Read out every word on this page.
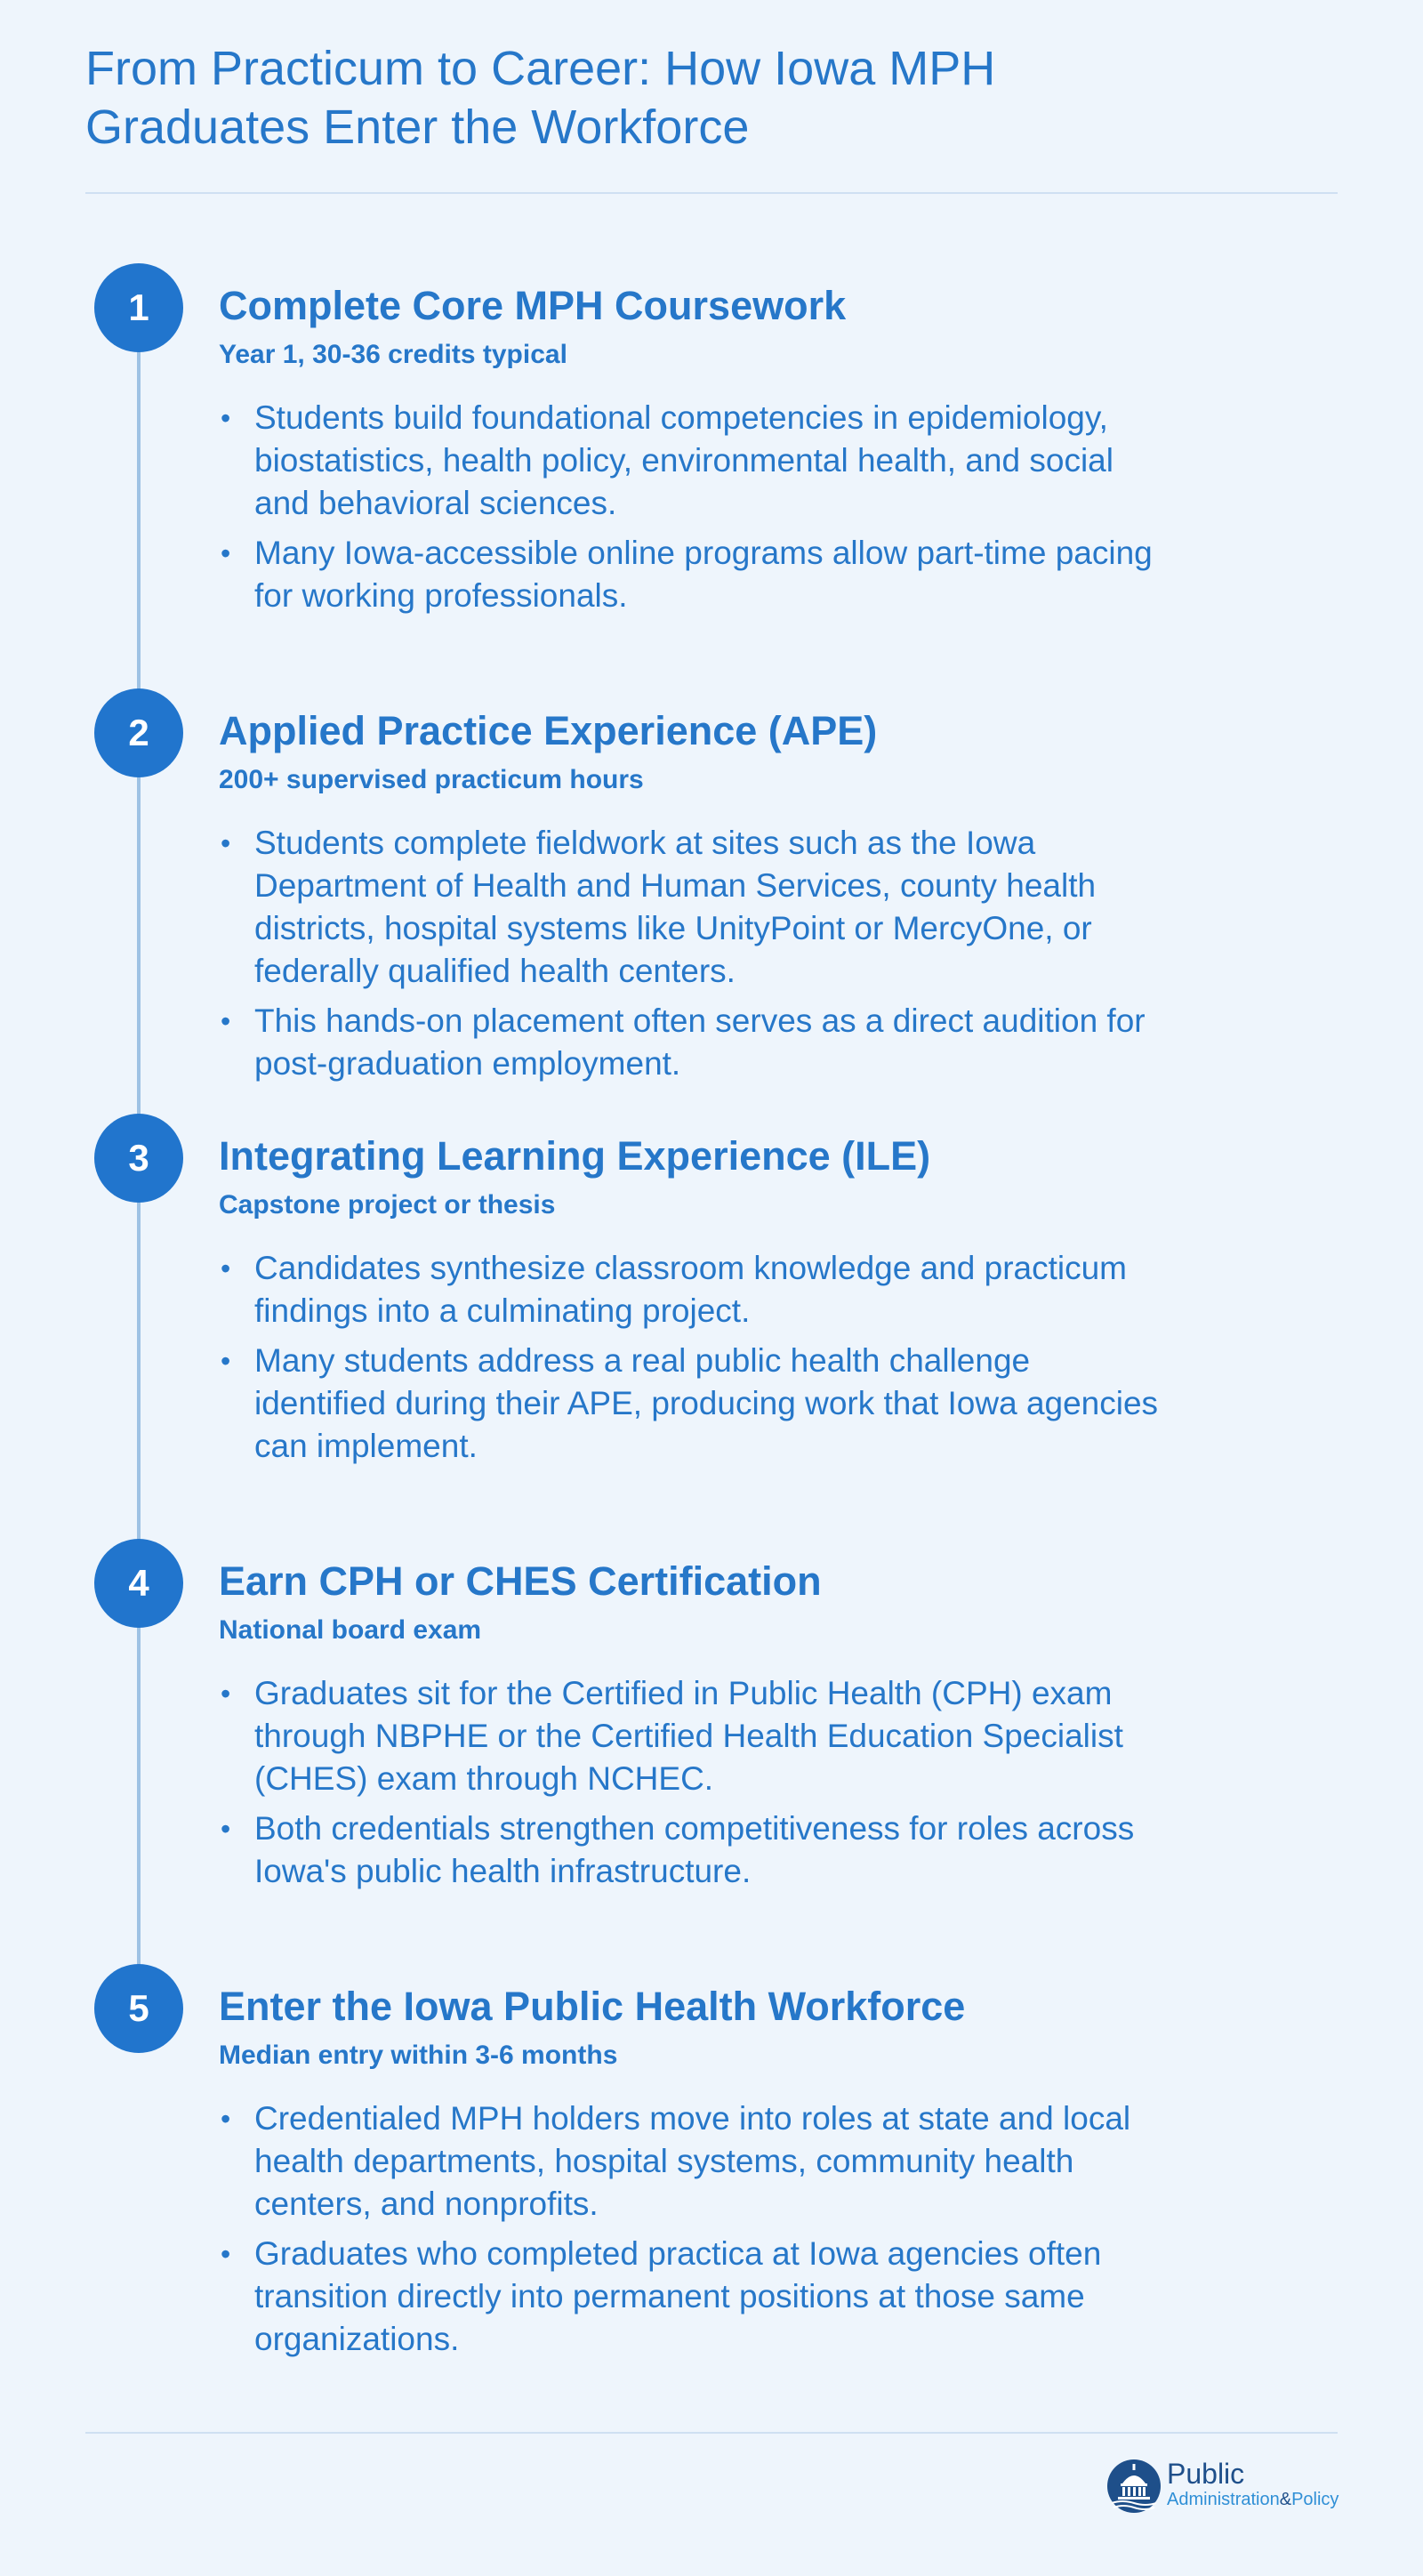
From Practicum to Career: How Iowa MPH Graduates Enter the Workforce
1	Complete Core MPH Coursework
Year 1, 30-36 credits typical
• Students build foundational competencies in epidemiology, biostatistics, health policy, environmental health, and social and behavioral sciences.
• Many Iowa-accessible online programs allow part-time pacing for working professionals.
2	Applied Practice Experience (APE)
200+ supervised practicum hours
• Students complete fieldwork at sites such as the Iowa Department of Health and Human Services, county health districts, hospital systems like UnityPoint or MercyOne, or federally qualified health centers.
• This hands-on placement often serves as a direct audition for post-graduation employment.
3	Integrating Learning Experience (ILE)
Capstone project or thesis
• Candidates synthesize classroom knowledge and practicum findings into a culminating project.
• Many students address a real public health challenge identified during their APE, producing work that Iowa agencies can implement.
4	Earn CPH or CHES Certification
National board exam
• Graduates sit for the Certified in Public Health (CPH) exam through NBPHE or the Certified Health Education Specialist (CHES) exam through NCHEC.
• Both credentials strengthen competitiveness for roles across Iowa's public health infrastructure.
5	Enter the Iowa Public Health Workforce
Median entry within 3-6 months
• Credentialed MPH holders move into roles at state and local health departments, hospital systems, community health centers, and nonprofits.
• Graduates who completed practica at Iowa agencies often transition directly into permanent positions at those same organizations.
Public
Administration&Policy
